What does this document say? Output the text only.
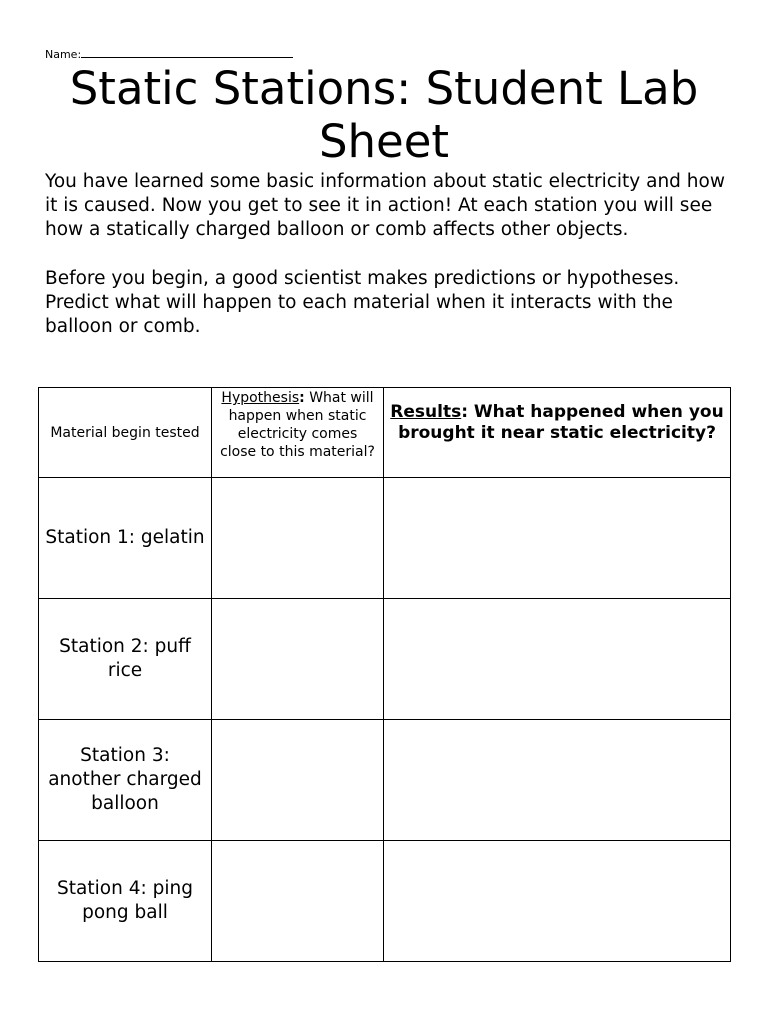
Name:
Static Stations: Student Lab Sheet

You have learned some basic information about static electricity and how it is caused. Now you get to see it in action! At each station you will see how a statically charged balloon or comb affects other objects.

Before you begin, a good scientist makes predictions or hypotheses. Predict what will happen to each material when it interacts with the balloon or comb.

Material begin tested	Hypothesis: What will happen when static electricity comes close to this material?	Results: What happened when you brought it near static electricity?
Station 1: gelatin		
Station 2: puff rice		
Station 3: another charged balloon		
Station 4: ping pong ball		
